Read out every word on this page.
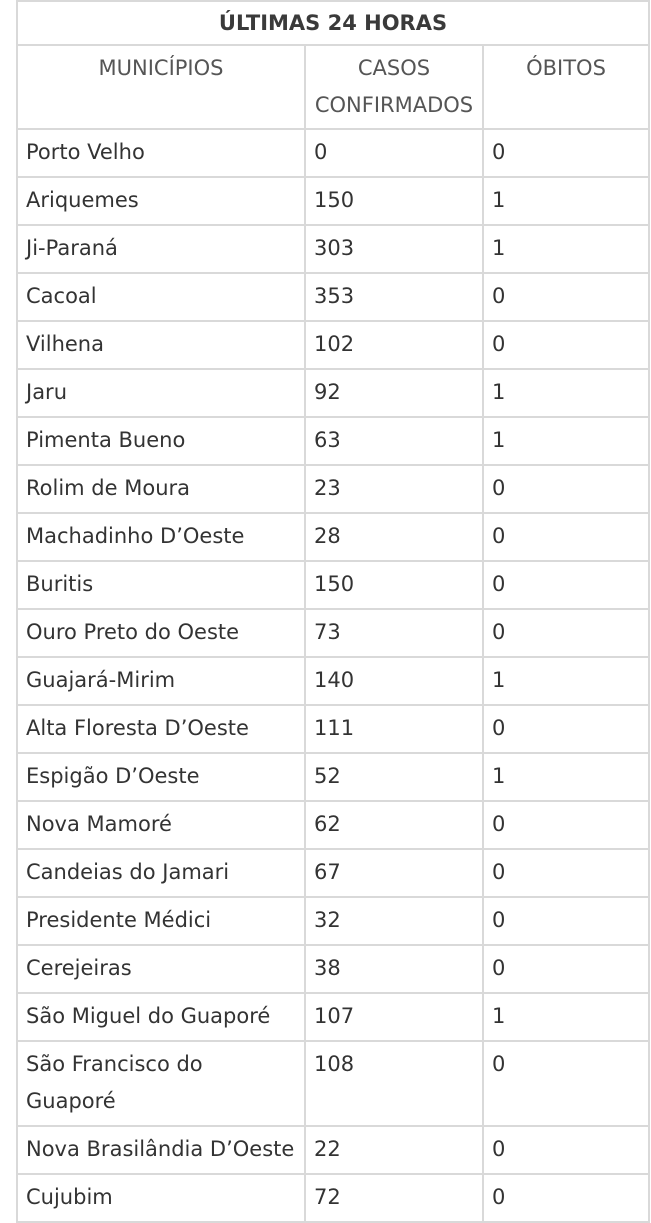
ÚLTIMAS 24 HORAS		
MUNICÍPIOS	CASOS CONFIRMADOS	ÓBITOS
Porto Velho	0	0
Ariquemes	150	1
Ji-Paraná	303	1
Cacoal	353	0
Vilhena	102	0
Jaru	92	1
Pimenta Bueno	63	1
Rolim de Moura	23	0
Machadinho D’Oeste	28	0
Buritis	150	0
Ouro Preto do Oeste	73	0
Guajará-Mirim	140	1
Alta Floresta D’Oeste	111	0
Espigão D’Oeste	52	1
Nova Mamoré	62	0
Candeias do Jamari	67	0
Presidente Médici	32	0
Cerejeiras	38	0
São Miguel do Guaporé	107	1
São Francisco do Guaporé	108	0
Nova Brasilândia D’Oeste	22	0
Cujubim	72	0
